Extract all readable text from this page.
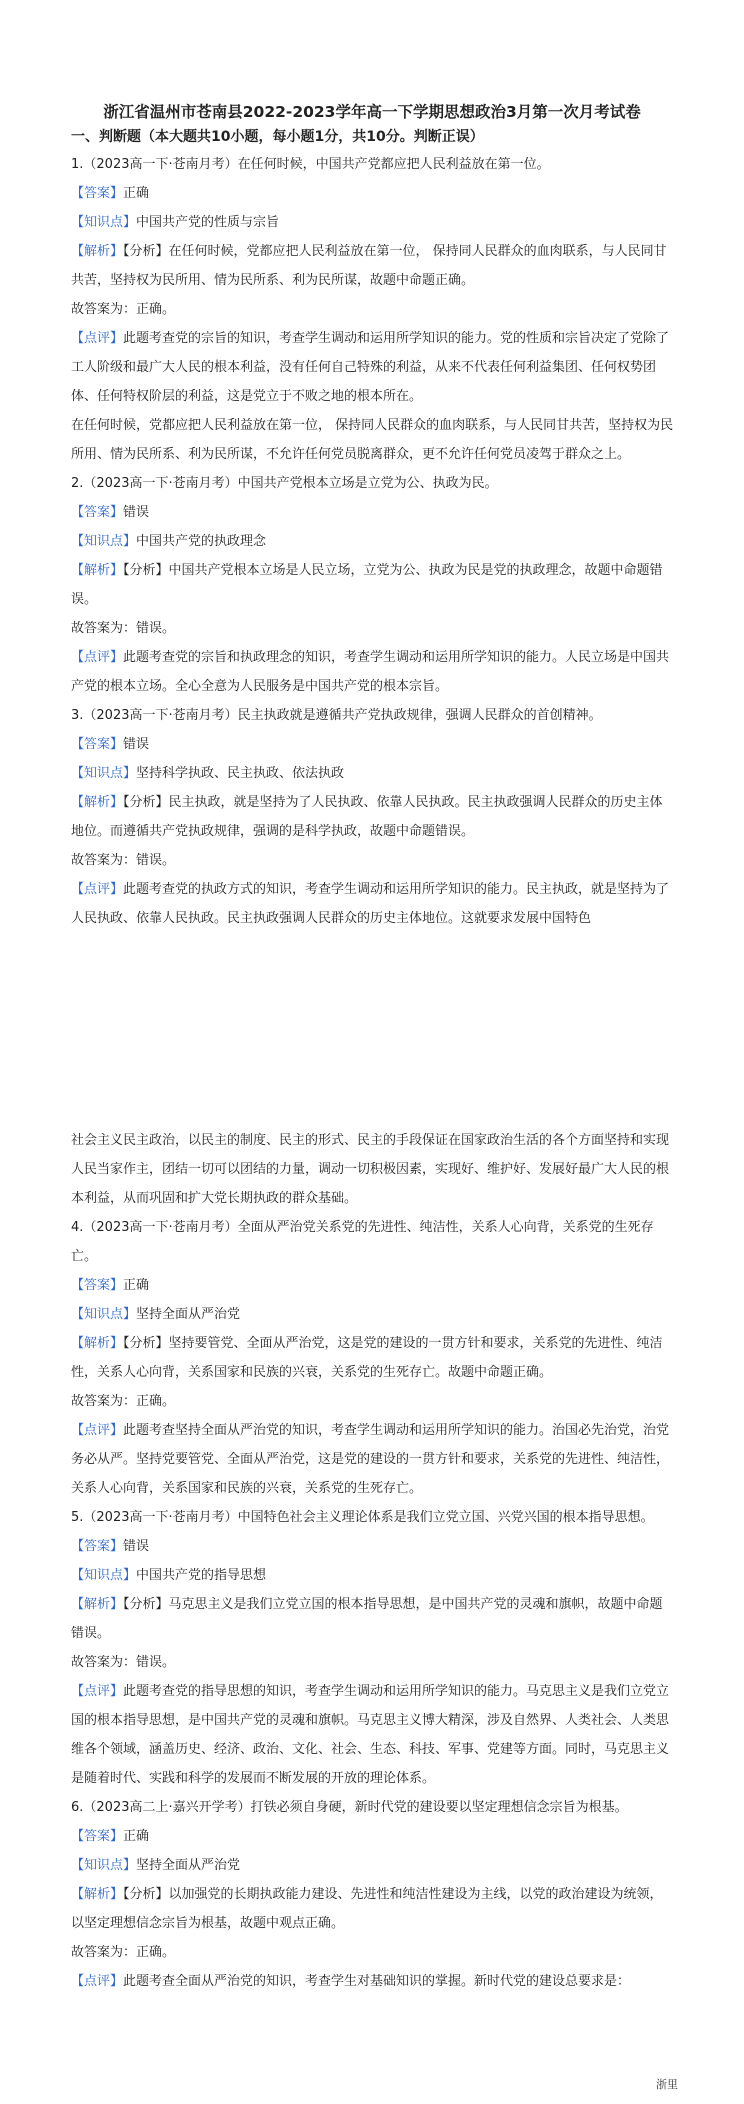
浙江省温州市苍南县2022-2023学年高一下学期思想政治3月第一次月考试卷
一、判断题（本大题共10小题，每小题1分，共10分。判断正误）

1.（2023高一下·苍南月考）在任何时候，中国共产党都应把人民利益放在第一位。

【答案】正确

【知识点】中国共产党的性质与宗旨

【解析】【分析】在任何时候，党都应把人民利益放在第一位， 保持同人民群众的血肉联系，与人民同甘共苦，坚持权为民所用、情为民所系、利为民所谋，故题中命题正确。

故答案为：正确。

【点评】此题考查党的宗旨的知识，考查学生调动和运用所学知识的能力。党的性质和宗旨决定了党除了工人阶级和最广大人民的根本利益，没有任何自己特殊的利益，从来不代表任何利益集团、任何权势团体、任何特权阶层的利益，这是党立于不败之地的根本所在。

在任何时候，党都应把人民利益放在第一位， 保持同人民群众的血肉联系，与人民同甘共苦，坚持权为民所用、情为民所系、利为民所谋，不允许任何党员脱离群众，更不允许任何党员凌驾于群众之上。

2.（2023高一下·苍南月考）中国共产党根本立场是立党为公、执政为民。

【答案】错误

【知识点】中国共产党的执政理念

【解析】【分析】中国共产党根本立场是人民立场，立党为公、执政为民是党的执政理念，故题中命题错误。

故答案为：错误。

【点评】此题考查党的宗旨和执政理念的知识，考查学生调动和运用所学知识的能力。人民立场是中国共产党的根本立场。全心全意为人民服务是中国共产党的根本宗旨。

3.（2023高一下·苍南月考）民主执政就是遵循共产党执政规律，强调人民群众的首创精神。

【答案】错误

【知识点】坚持科学执政、民主执政、依法执政

【解析】【分析】民主执政，就是坚持为了人民执政、依靠人民执政。民主执政强调人民群众的历史主体地位。而遵循共产党执政规律，强调的是科学执政，故题中命题错误。

故答案为：错误。

【点评】此题考查党的执政方式的知识，考查学生调动和运用所学知识的能力。民主执政，就是坚持为了人民执政、依靠人民执政。民主执政强调人民群众的历史主体地位。这就要求发展中国特色

社会主义民主政治，以民主的制度、民主的形式、民主的手段保证在国家政治生活的各个方面坚持和实现人民当家作主，团结一切可以团结的力量，调动一切积极因素，实现好、维护好、发展好最广大人民的根本利益，从而巩固和扩大党长期执政的群众基础。

4.（2023高一下·苍南月考）全面从严治党关系党的先进性、纯洁性，关系人心向背，关系党的生死存亡。

【答案】正确

【知识点】坚持全面从严治党

【解析】【分析】坚持要管党、全面从严治党，这是党的建设的一贯方针和要求，关系党的先进性、纯洁性，关系人心向背，关系国家和民族的兴衰，关系党的生死存亡。故题中命题正确。

故答案为：正确。

【点评】此题考查坚持全面从严治党的知识，考查学生调动和运用所学知识的能力。治国必先治党，治党务必从严。坚持党要管党、全面从严治党，这是党的建设的一贯方针和要求，关系党的先进性、纯洁性，关系人心向背，关系国家和民族的兴衰，关系党的生死存亡。

5.（2023高一下·苍南月考）中国特色社会主义理论体系是我们立党立国、兴党兴国的根本指导思想。

【答案】错误

【知识点】中国共产党的指导思想

【解析】【分析】马克思主义是我们立党立国的根本指导思想，是中国共产党的灵魂和旗帜，故题中命题错误。

故答案为：错误。

【点评】此题考查党的指导思想的知识，考查学生调动和运用所学知识的能力。马克思主义是我们立党立国的根本指导思想，是中国共产党的灵魂和旗帜。马克思主义博大精深，涉及自然界、人类社会、人类思维各个领域，涵盖历史、经济、政治、文化、社会、生态、科技、军事、党建等方面。同时，马克思主义是随着时代、实践和科学的发展而不断发展的开放的理论体系。

6.（2023高二上·嘉兴开学考）打铁必须自身硬，新时代党的建设要以坚定理想信念宗旨为根基。

【答案】正确

【知识点】坚持全面从严治党

【解析】【分析】以加强党的长期执政能力建设、先进性和纯洁性建设为主线，以党的政治建设为统领，以坚定理想信念宗旨为根基，故题中观点正确。

故答案为：正确。

【点评】此题考查全面从严治党的知识，考查学生对基础知识的掌握。新时代党的建设总要求是：

浙里
